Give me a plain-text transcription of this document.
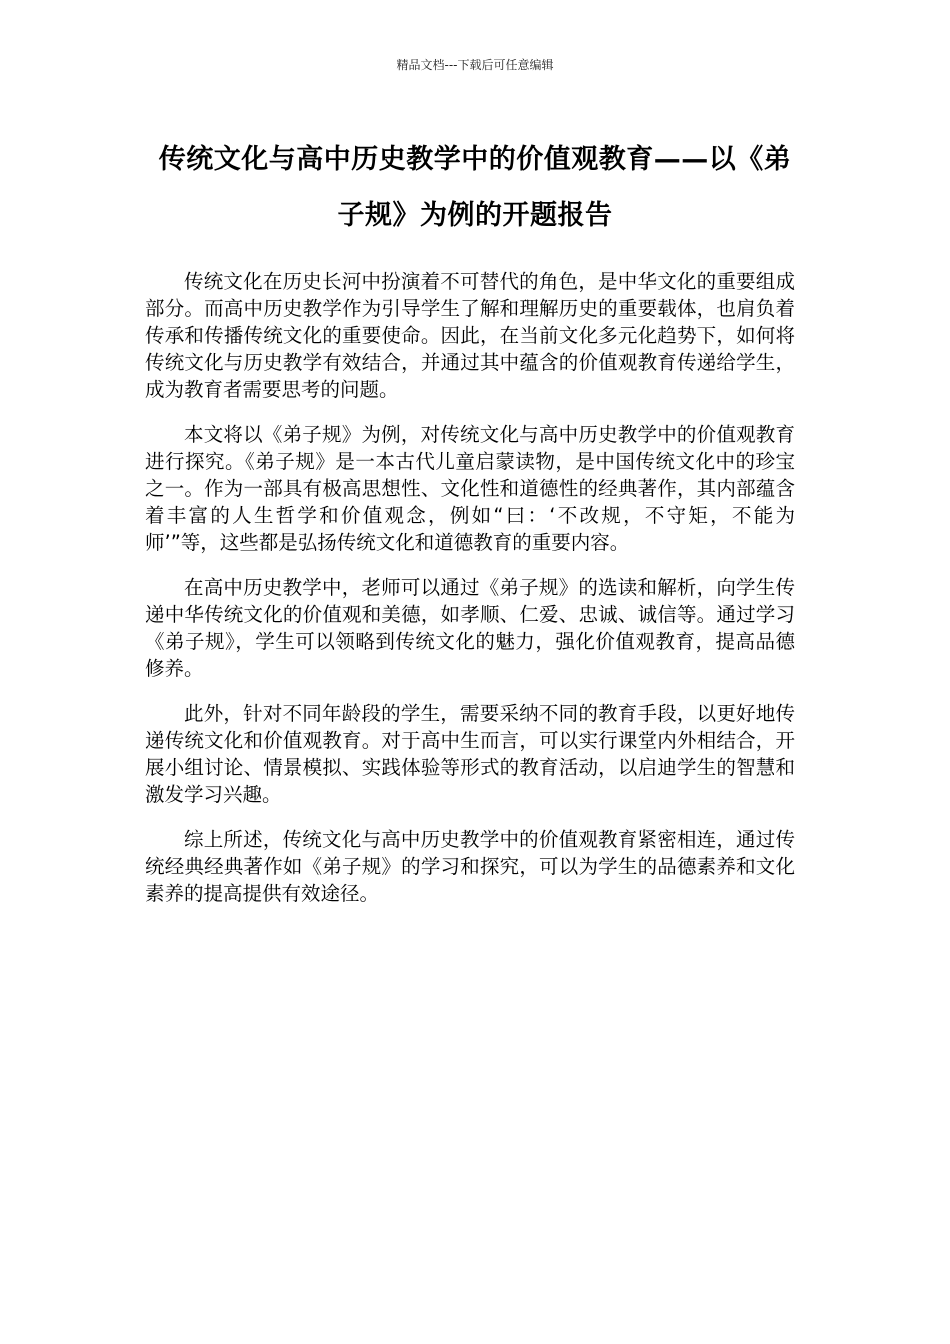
精品文档---下载后可任意编辑
传统文化与高中历史教学中的价值观教育——以《弟
子规》为例的开题报告

传统文化在历史长河中扮演着不可替代的角色，是中华文化的重要组成部分。而高中历史教学作为引导学生了解和理解历史的重要载体，也肩负着传承和传播传统文化的重要使命。因此，在当前文化多元化趋势下，如何将传统文化与历史教学有效结合，并通过其中蕴含的价值观教育传递给学生，成为教育者需要思考的问题。

本文将以《弟子规》为例，对传统文化与高中历史教学中的价值观教育进行探究。《弟子规》是一本古代儿童启蒙读物，是中国传统文化中的珍宝之一。作为一部具有极高思想性、文化性和道德性的经典著作，其内部蕴含着丰富的人生哲学和价值观念，例如“曰：‘不改规，不守矩，不能为师’”等，这些都是弘扬传统文化和道德教育的重要内容。

在高中历史教学中，老师可以通过《弟子规》的选读和解析，向学生传递中华传统文化的价值观和美德，如孝顺、仁爱、忠诚、诚信等。通过学习《弟子规》，学生可以领略到传统文化的魅力，强化价值观教育，提高品德修养。

此外，针对不同年龄段的学生，需要采纳不同的教育手段，以更好地传递传统文化和价值观教育。对于高中生而言，可以实行课堂内外相结合，开展小组讨论、情景模拟、实践体验等形式的教育活动，以启迪学生的智慧和激发学习兴趣。

综上所述，传统文化与高中历史教学中的价值观教育紧密相连，通过传统经典经典著作如《弟子规》的学习和探究，可以为学生的品德素养和文化素养的提高提供有效途径。
